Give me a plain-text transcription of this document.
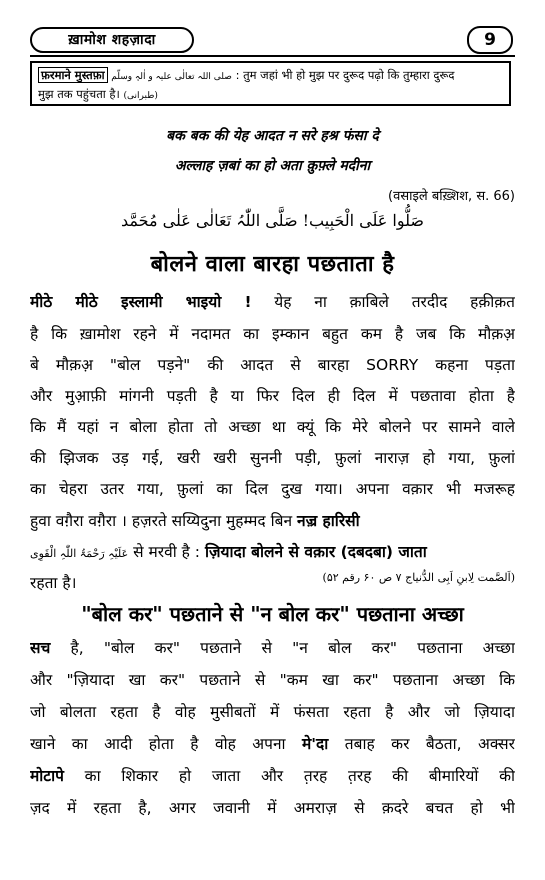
ख़ामोश शहज़ादा	9
फ़रमाने मुस्तफ़ा صلی اللہ تعالٰی علیہ و اٰلہٖ وسلّم : तुम जहां भी हो मुझ पर दुरूद पढ़ो कि तुम्हारा दुरूद
मुझ तक पहुंचता है। (طبرانی)
बक बक की येह आदत न सरे हश्र फंसा दे
अल्लाह ज़बां का हो अता क़ुफ़्ले मदीना
(वसाइले बख़्शिश, स. 66)
صَلُّوا عَلَی الْحَبِیب! صَلَّی اللّٰہُ تَعَالٰی عَلٰی مُحَمَّد
बोलने वाला बारहा पछताता है
मीठे मीठे इस्लामी भाइयो ! येह ना क़ाबिले तरदीद हक़ीक़त
है कि ख़ामोश रहने में नदामत का इम्कान बहुत कम है जब कि मौक़अ़
बे मौक़अ़ "बोल पड़ने" की आदत से बारहा SORRY कहना पड़ता
और मुआ़फ़ी मांगनी पड़ती है या फिर दिल ही दिल में पछतावा होता है
कि मैं यहां न बोला होता तो अच्छा था क्यूं कि मेरे बोलने पर सामने वाले
की झिजक उड़ गई, खरी खरी सुननी पड़ी, फ़ुलां नाराज़ हो गया, फ़ुलां
का चेहरा उतर गया, फ़ुलां का दिल दुख गया। अपना वक़ार भी मजरूह
हुवा वग़ैरा वग़ैरा । हज़रते सय्यिदुना मुहम्मद बिन नज़्र हारिसी
عَلَیْہِ رَحْمَۃُ اللّٰہِ الْقَوِی से मरवी है : ज़ियादा बोलने से वक़ार (दबदबा) जाता
रहता है।	(اَلصَّمت لِابنِ اَبِی الدُّنیاج ۷ ص ۶۰ رقم ۵۲)
"बोल कर" पछताने से "न बोल कर" पछताना अच्छा
सच है, "बोल कर" पछताने से "न बोल कर" पछताना अच्छा
और "ज़ियादा खा कर" पछताने से "कम खा कर" पछताना अच्छा कि
जो बोलता रहता है वोह मुसीबतों में फंसता रहता है और जो ज़ियादा
खाने का आदी होता है वोह अपना मे'दा तबाह कर बैठता, अक्सर
मोटापे का शिकार हो जाता और त़रह त़रह की बीमारियों की
ज़द में रहता है, अगर जवानी में अमराज़ से क़दरे बचत हो भी
